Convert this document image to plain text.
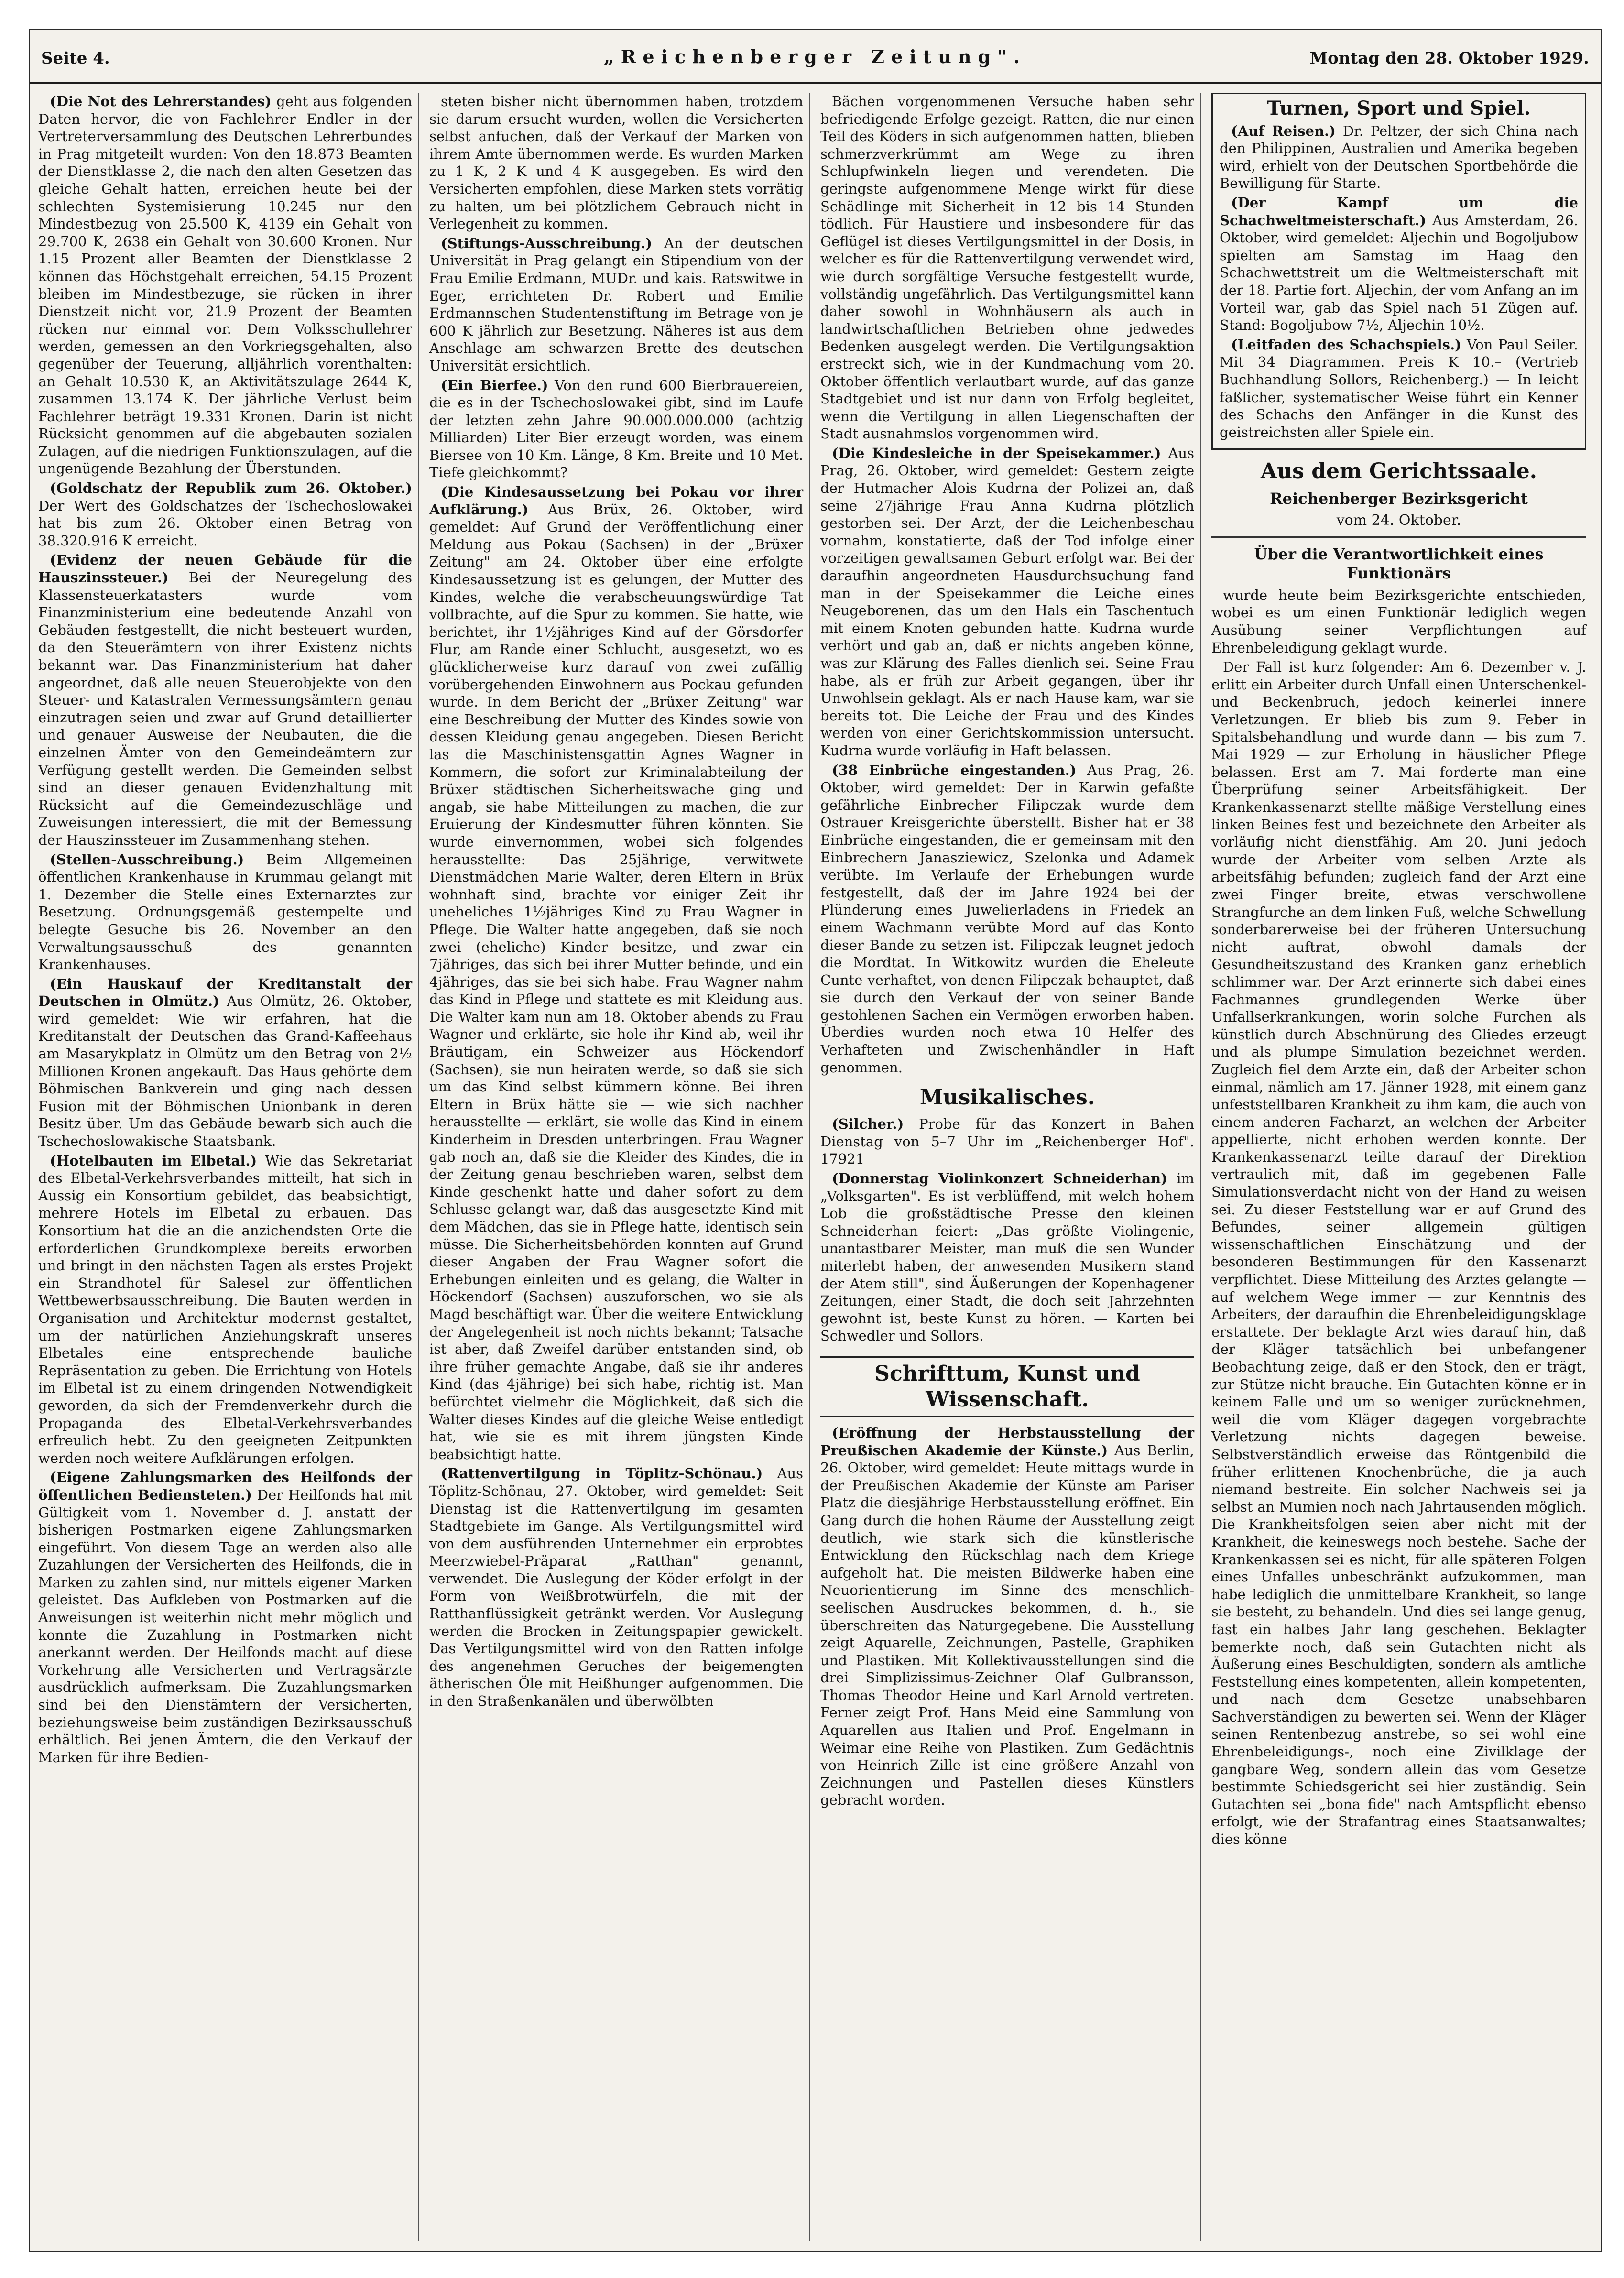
Seite 4.	„Reichenberger Zeitung".	Montag den 28. Oktober 1929.

(Die Not des Lehrerstandes) geht aus folgenden Daten hervor, die von Fachlehrer Endler in der Vertreterversammlung des Deutschen Lehrerbundes in Prag mitgeteilt wurden: Von den 18.873 Beamten der Dienstklasse 2, die nach den alten Gesetzen das gleiche Gehalt hatten, erreichen heute bei der schlechten Systemisierung 10.245 nur den Mindestbezug von 25.500 K, 4139 ein Gehalt von 29.700 K, 2638 ein Gehalt von 30.600 Kronen. Nur 1.15 Prozent aller Beamten der Dienstklasse 2 können das Höchstgehalt erreichen, 54.15 Prozent bleiben im Mindestbezuge, sie rücken in ihrer Dienstzeit nicht vor, 21.9 Prozent der Beamten rücken nur einmal vor. Dem Volksschullehrer werden, gemessen an den Vorkriegsgehalten, also gegenüber der Teuerung, alljährlich vorenthalten: an Gehalt 10.530 K, an Aktivitätszulage 2644 K, zusammen 13.174 K. Der jährliche Verlust beim Fachlehrer beträgt 19.331 Kronen. Darin ist nicht Rücksicht genommen auf die abgebauten sozialen Zulagen, auf die niedrigen Funktionszulagen, auf die ungenügende Bezahlung der Überstunden.

(Goldschatz der Republik zum 26. Oktober.) Der Wert des Goldschatzes der Tschechoslowakei hat bis zum 26. Oktober einen Betrag von 38.320.916 K erreicht.

(Evidenz der neuen Gebäude für die Hauszinssteuer.) Bei der Neuregelung des Klassensteuerkatasters wurde vom Finanzministerium eine bedeutende Anzahl von Gebäuden festgestellt, die nicht besteuert wurden, da den Steuerämtern von ihrer Existenz nichts bekannt war. Das Finanzministerium hat daher angeordnet, daß alle neuen Steuerobjekte von den Steuer- und Katastralen Vermessungsämtern genau einzutragen seien und zwar auf Grund detaillierter und genauer Ausweise der Neubauten, die die einzelnen Ämter von den Gemeindeämtern zur Verfügung gestellt werden. Die Gemeinden selbst sind an dieser genauen Evidenzhaltung mit Rücksicht auf die Gemeindezuschläge und Zuweisungen interessiert, die mit der Bemessung der Hauszinssteuer im Zusammenhang stehen.

(Stellen-Ausschreibung.) Beim Allgemeinen öffentlichen Krankenhause in Krummau gelangt mit 1. Dezember die Stelle eines Externarztes zur Besetzung. Ordnungsgemäß gestempelte und belegte Gesuche bis 26. November an den Verwaltungsausschuß des genannten Krankenhauses.

(Ein Hauskauf der Kreditanstalt der Deutschen in Olmütz.) Aus Olmütz, 26. Oktober, wird gemeldet: Wie wir erfahren, hat die Kreditanstalt der Deutschen das Grand-Kaffeehaus am Masarykplatz in Olmütz um den Betrag von 2½ Millionen Kronen angekauft. Das Haus gehörte dem Böhmischen Bankverein und ging nach dessen Fusion mit der Böhmischen Unionbank in deren Besitz über. Um das Gebäude bewarb sich auch die Tschechoslowakische Staatsbank.

(Hotelbauten im Elbetal.) Wie das Sekretariat des Elbetal-Verkehrsverbandes mitteilt, hat sich in Aussig ein Konsortium gebildet, das beabsichtigt, mehrere Hotels im Elbetal zu erbauen. Das Konsortium hat die an die anzichendsten Orte die erforderlichen Grundkomplexe bereits erworben und bringt in den nächsten Tagen als erstes Projekt ein Strandhotel für Salesel zur öffentlichen Wettbewerbsausschreibung. Die Bauten werden in Organisation und Architektur modernst gestaltet, um der natürlichen Anziehungskraft unseres Elbetales eine entsprechende bauliche Repräsentation zu geben. Die Errichtung von Hotels im Elbetal ist zu einem dringenden Notwendigkeit geworden, da sich der Fremdenverkehr durch die Propaganda des Elbetal-Verkehrsverbandes erfreulich hebt. Zu den geeigneten Zeitpunkten werden noch weitere Aufklärungen erfolgen.

(Eigene Zahlungsmarken des Heilfonds der öffentlichen Bediensteten.) Der Heilfonds hat mit Gültigkeit vom 1. November d. J. anstatt der bisherigen Postmarken eigene Zahlungsmarken eingeführt. Von diesem Tage an werden also alle Zuzahlungen der Versicherten des Heilfonds, die in Marken zu zahlen sind, nur mittels eigener Marken geleistet. Das Aufkleben von Postmarken auf die Anweisungen ist weiterhin nicht mehr möglich und konnte die Zuzahlung in Postmarken nicht anerkannt werden. Der Heilfonds macht auf diese Vorkehrung alle Versicherten und Vertragsärzte ausdrücklich aufmerksam. Die Zuzahlungsmarken sind bei den Dienstämtern der Versicherten, beziehungsweise beim zuständigen Bezirksausschuß erhältlich. Bei jenen Ämtern, die den Verkauf der Marken für ihre Bedien-

steten bisher nicht übernommen haben, trotzdem sie darum ersucht wurden, wollen die Versicherten selbst anfuchen, daß der Verkauf der Marken von ihrem Amte übernommen werde. Es wurden Marken zu 1 K, 2 K und 4 K ausgegeben. Es wird den Versicherten empfohlen, diese Marken stets vorrätig zu halten, um bei plötzlichem Gebrauch nicht in Verlegenheit zu kommen.

(Stiftungs-Ausschreibung.) An der deutschen Universität in Prag gelangt ein Stipendium von der Frau Emilie Erdmann, MUDr. und kais. Ratswitwe in Eger, errichteten Dr. Robert und Emilie Erdmannschen Studentenstiftung im Betrage von je 600 K jährlich zur Besetzung. Näheres ist aus dem Anschlage am schwarzen Brette des deutschen Universität ersichtlich.

(Ein Bierfee.) Von den rund 600 Bierbrauereien, die es in der Tschechoslowakei gibt, sind im Laufe der letzten zehn Jahre 90.000.000.000 (achtzig Milliarden) Liter Bier erzeugt worden, was einem Biersee von 10 Km. Länge, 8 Km. Breite und 10 Met. Tiefe gleichkommt?

(Die Kindesaussetzung bei Pokau vor ihrer Aufklärung.) Aus Brüx, 26. Oktober, wird gemeldet: Auf Grund der Veröffentlichung einer Meldung aus Pokau (Sachsen) in der „Brüxer Zeitung" am 24. Oktober über eine erfolgte Kindesaussetzung ist es gelungen, der Mutter des Kindes, welche die verabscheuungswürdige Tat vollbrachte, auf die Spur zu kommen. Sie hatte, wie berichtet, ihr 1½jähriges Kind auf der Görsdorfer Flur, am Rande einer Schlucht, ausgesetzt, wo es glücklicherweise kurz darauf von zwei zufällig vorübergehenden Einwohnern aus Pockau gefunden wurde. In dem Bericht der „Brüxer Zeitung" war eine Beschreibung der Mutter des Kindes sowie von dessen Kleidung genau angegeben. Diesen Bericht las die Maschinistensgattin Agnes Wagner in Kommern, die sofort zur Kriminalabteilung der Brüxer städtischen Sicherheitswache ging und angab, sie habe Mitteilungen zu machen, die zur Eruierung der Kindesmutter führen könnten. Sie wurde einvernommen, wobei sich folgendes herausstellte: Das 25jährige, verwitwete Dienstmädchen Marie Walter, deren Eltern in Brüx wohnhaft sind, brachte vor einiger Zeit ihr uneheliches 1½jähriges Kind zu Frau Wagner in Pflege. Die Walter hatte angegeben, daß sie noch zwei (eheliche) Kinder besitze, und zwar ein 7jähriges, das sich bei ihrer Mutter befinde, und ein 4jähriges, das sie bei sich habe. Frau Wagner nahm das Kind in Pflege und stattete es mit Kleidung aus. Die Walter kam nun am 18. Oktober abends zu Frau Wagner und erklärte, sie hole ihr Kind ab, weil ihr Bräutigam, ein Schweizer aus Höckendorf (Sachsen), sie nun heiraten werde, so daß sie sich um das Kind selbst kümmern könne. Bei ihren Eltern in Brüx hätte sie — wie sich nachher herausstellte — erklärt, sie wolle das Kind in einem Kinderheim in Dresden unterbringen. Frau Wagner gab noch an, daß sie die Kleider des Kindes, die in der Zeitung genau beschrieben waren, selbst dem Kinde geschenkt hatte und daher sofort zu dem Schlusse gelangt war, daß das ausgesetzte Kind mit dem Mädchen, das sie in Pflege hatte, identisch sein müsse. Die Sicherheitsbehörden konnten auf Grund dieser Angaben der Frau Wagner sofort die Erhebungen einleiten und es gelang, die Walter in Höckendorf (Sachsen) auszuforschen, wo sie als Magd beschäftigt war. Über die weitere Entwicklung der Angelegenheit ist noch nichts bekannt; Tatsache ist aber, daß Zweifel darüber entstanden sind, ob ihre früher gemachte Angabe, daß sie ihr anderes Kind (das 4jährige) bei sich habe, richtig ist. Man befürchtet vielmehr die Möglichkeit, daß sich die Walter dieses Kindes auf die gleiche Weise entledigt hat, wie sie es mit ihrem jüngsten Kinde beabsichtigt hatte.

(Rattenvertilgung in Töplitz-Schönau.) Aus Töplitz-Schönau, 27. Oktober, wird gemeldet: Seit Dienstag ist die Rattenvertilgung im gesamten Stadtgebiete im Gange. Als Vertilgungsmittel wird von dem ausführenden Unternehmer ein erprobtes Meerzwiebel-Präparat „Ratthan" genannt, verwendet. Die Auslegung der Köder erfolgt in der Form von Weißbrotwürfeln, die mit der Ratthanflüssigkeit getränkt werden. Vor Auslegung werden die Brocken in Zeitungspapier gewickelt. Das Vertilgungsmittel wird von den Ratten infolge des angenehmen Geruches der beigemengten ätherischen Öle mit Heißhunger aufgenommen. Die in den Straßenkanälen und überwölbten

Bächen vorgenommenen Versuche haben sehr befriedigende Erfolge gezeigt. Ratten, die nur einen Teil des Köders in sich aufgenommen hatten, blieben schmerzverkrümmt am Wege zu ihren Schlupfwinkeln liegen und verendeten. Die geringste aufgenommene Menge wirkt für diese Schädlinge mit Sicherheit in 12 bis 14 Stunden tödlich. Für Haustiere und insbesondere für das Geflügel ist dieses Vertilgungsmittel in der Dosis, in welcher es für die Rattenvertilgung verwendet wird, wie durch sorgfältige Versuche festgestellt wurde, vollständig ungefährlich. Das Vertilgungsmittel kann daher sowohl in Wohnhäusern als auch in landwirtschaftlichen Betrieben ohne jedwedes Bedenken ausgelegt werden. Die Vertilgungsaktion erstreckt sich, wie in der Kundmachung vom 20. Oktober öffentlich verlautbart wurde, auf das ganze Stadtgebiet und ist nur dann von Erfolg begleitet, wenn die Vertilgung in allen Liegenschaften der Stadt ausnahmslos vorgenommen wird.

(Die Kindesleiche in der Speisekammer.) Aus Prag, 26. Oktober, wird gemeldet: Gestern zeigte der Hutmacher Alois Kudrna der Polizei an, daß seine 27jährige Frau Anna Kudrna plötzlich gestorben sei. Der Arzt, der die Leichenbeschau vornahm, konstatierte, daß der Tod infolge einer vorzeitigen gewaltsamen Geburt erfolgt war. Bei der daraufhin angeordneten Hausdurchsuchung fand man in der Speisekammer die Leiche eines Neugeborenen, das um den Hals ein Taschentuch mit einem Knoten gebunden hatte. Kudrna wurde verhört und gab an, daß er nichts angeben könne, was zur Klärung des Falles dienlich sei. Seine Frau habe, als er früh zur Arbeit gegangen, über ihr Unwohlsein geklagt. Als er nach Hause kam, war sie bereits tot. Die Leiche der Frau und des Kindes werden von einer Gerichtskommission untersucht. Kudrna wurde vorläufig in Haft belassen.

(38 Einbrüche eingestanden.) Aus Prag, 26. Oktober, wird gemeldet: Der in Karwin gefaßte gefährliche Einbrecher Filipczak wurde dem Ostrauer Kreisgerichte überstellt. Bisher hat er 38 Einbrüche eingestanden, die er gemeinsam mit den Einbrechern Janasziewicz, Szelonka und Adamek verübte. Im Verlaufe der Erhebungen wurde festgestellt, daß der im Jahre 1924 bei der Plünderung eines Juwelierladens in Friedek an einem Wachmann verübte Mord auf das Konto dieser Bande zu setzen ist. Filipczak leugnet jedoch die Mordtat. In Witkowitz wurden die Eheleute Cunte verhaftet, von denen Filipczak behauptet, daß sie durch den Verkauf der von seiner Bande gestohlenen Sachen ein Vermögen erworben haben. Überdies wurden noch etwa 10 Helfer des Verhafteten und Zwischenhändler in Haft genommen.

Musikalisches.

(Silcher.) Probe für das Konzert in Bahen Dienstag von 5–7 Uhr im „Reichenberger Hof". 17921

(Donnerstag Violinkonzert Schneiderhan) im „Volksgarten". Es ist verblüffend, mit welch hohem Lob die großstädtische Presse den kleinen Schneiderhan feiert: „Das größte Violingenie, unantastbarer Meister, man muß die sen Wunder miterlebt haben, der anwesenden Musikern stand der Atem still", sind Äußerungen der Kopenhagener Zeitungen, einer Stadt, die doch seit Jahrzehnten gewohnt ist, beste Kunst zu hören. — Karten bei Schwedler und Sollors.

Schrifttum, Kunst und Wissenschaft.

(Eröffnung der Herbstausstellung der Preußischen Akademie der Künste.) Aus Berlin, 26. Oktober, wird gemeldet: Heute mittags wurde in der Preußischen Akademie der Künste am Pariser Platz die diesjährige Herbstausstellung eröffnet. Ein Gang durch die hohen Räume der Ausstellung zeigt deutlich, wie stark sich die künstlerische Entwicklung den Rückschlag nach dem Kriege aufgeholt hat. Die meisten Bildwerke haben eine Neuorientierung im Sinne des menschlich-seelischen Ausdruckes bekommen, d. h., sie überschreiten das Naturgegebene. Die Ausstellung zeigt Aquarelle, Zeichnungen, Pastelle, Graphiken und Plastiken. Mit Kollektivausstellungen sind die drei Simplizissimus-Zeichner Olaf Gulbransson, Thomas Theodor Heine und Karl Arnold vertreten. Ferner zeigt Prof. Hans Meid eine Sammlung von Aquarellen aus Italien und Prof. Engelmann in Weimar eine Reihe von Plastiken. Zum Gedächtnis von Heinrich Zille ist eine größere Anzahl von Zeichnungen und Pastellen dieses Künstlers gebracht worden.

Turnen, Sport und Spiel.

(Auf Reisen.) Dr. Peltzer, der sich China nach den Philippinen, Australien und Amerika begeben wird, erhielt von der Deutschen Sportbehörde die Bewilligung für Starte.

(Der Kampf um die Schachweltmeisterschaft.) Aus Amsterdam, 26. Oktober, wird gemeldet: Aljechin und Bogoljubow spielten am Samstag im Haag den Schachwettstreit um die Weltmeisterschaft mit der 18. Partie fort. Aljechin, der vom Anfang an im Vorteil war, gab das Spiel nach 51 Zügen auf. Stand: Bogoljubow 7½, Aljechin 10½.

(Leitfaden des Schachspiels.) Von Paul Seiler. Mit 34 Diagrammen. Preis K 10.– (Vertrieb Buchhandlung Sollors, Reichenberg.) — In leicht faßlicher, systematischer Weise führt ein Kenner des Schachs den Anfänger in die Kunst des geistreichsten aller Spiele ein.

Aus dem Gerichtssaale.
Reichenberger Bezirksgericht
vom 24. Oktober.
Über die Verantwortlichkeit eines Funktionärs

wurde heute beim Bezirksgerichte entschieden, wobei es um einen Funktionär lediglich wegen Ausübung seiner Verpflichtungen auf Ehrenbeleidigung geklagt wurde.

Der Fall ist kurz folgender: Am 6. Dezember v. J. erlitt ein Arbeiter durch Unfall einen Unterschenkel- und Beckenbruch, jedoch keinerlei innere Verletzungen. Er blieb bis zum 9. Feber in Spitalsbehandlung und wurde dann — bis zum 7. Mai 1929 — zur Erholung in häuslicher Pflege belassen. Erst am 7. Mai forderte man eine Überprüfung seiner Arbeitsfähigkeit. Der Krankenkassenarzt stellte mäßige Verstellung eines linken Beines fest und bezeichnete den Arbeiter als vorläufig nicht dienstfähig. Am 20. Juni jedoch wurde der Arbeiter vom selben Arzte als arbeitsfähig befunden; zugleich fand der Arzt eine zwei Finger breite, etwas verschwollene Strangfurche an dem linken Fuß, welche Schwellung sonderbarerweise bei der früheren Untersuchung nicht auftrat, obwohl damals der Gesundheitszustand des Kranken ganz erheblich schlimmer war. Der Arzt erinnerte sich dabei eines Fachmannes grundlegenden Werke über Unfallserkrankungen, worin solche Furchen als künstlich durch Abschnürung des Gliedes erzeugt und als plumpe Simulation bezeichnet werden. Zugleich fiel dem Arzte ein, daß der Arbeiter schon einmal, nämlich am 17. Jänner 1928, mit einem ganz unfeststellbaren Krankheit zu ihm kam, die auch von einem anderen Facharzt, an welchen der Arbeiter appellierte, nicht erhoben werden konnte. Der Krankenkassenarzt teilte darauf der Direktion vertraulich mit, daß im gegebenen Falle Simulationsverdacht nicht von der Hand zu weisen sei. Zu dieser Feststellung war er auf Grund des Befundes, seiner allgemein gültigen wissenschaftlichen Einschätzung und der besonderen Bestimmungen für den Kassenarzt verpflichtet. Diese Mitteilung des Arztes gelangte — auf welchem Wege immer — zur Kenntnis des Arbeiters, der daraufhin die Ehrenbeleidigungsklage erstattete. Der beklagte Arzt wies darauf hin, daß der Kläger tatsächlich bei unbefangener Beobachtung zeige, daß er den Stock, den er trägt, zur Stütze nicht brauche. Ein Gutachten könne er in keinem Falle und um so weniger zurücknehmen, weil die vom Kläger dagegen vorgebrachte Verletzung nichts dagegen beweise. Selbstverständlich erweise das Röntgenbild die früher erlittenen Knochenbrüche, die ja auch niemand bestreite. Ein solcher Nachweis sei ja selbst an Mumien noch nach Jahrtausenden möglich. Die Krankheitsfolgen seien aber nicht mit der Krankheit, die keineswegs noch bestehe. Sache der Krankenkassen sei es nicht, für alle späteren Folgen eines Unfalles unbeschränkt aufzukommen, man habe lediglich die unmittelbare Krankheit, so lange sie besteht, zu behandeln. Und dies sei lange genug, fast ein halbes Jahr lang geschehen. Beklagter bemerkte noch, daß sein Gutachten nicht als Äußerung eines Beschuldigten, sondern als amtliche Feststellung eines kompetenten, allein kompetenten, und nach dem Gesetze unabsehbaren Sachverständigen zu bewerten sei. Wenn der Kläger seinen Rentenbezug anstrebe, so sei wohl eine Ehrenbeleidigungs-, noch eine Zivilklage der gangbare Weg, sondern allein das vom Gesetze bestimmte Schiedsgericht sei hier zuständig. Sein Gutachten sei „bona fide" nach Amtspflicht ebenso erfolgt, wie der Strafantrag eines Staatsanwaltes; dies könne
